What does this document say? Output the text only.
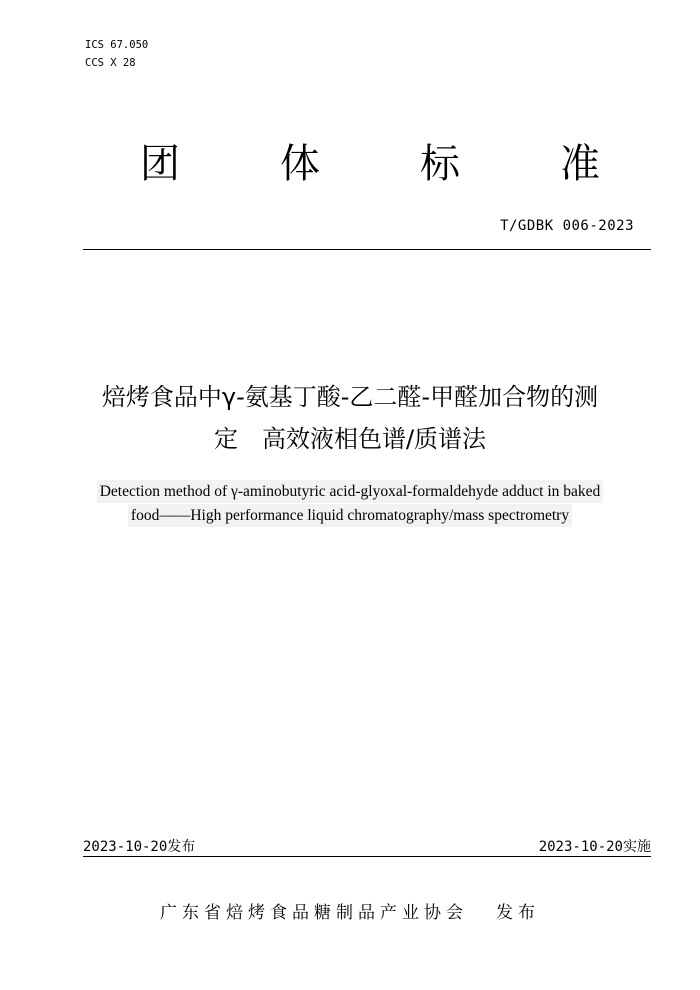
ICS 67.050
CCS X 28
团	体	标	准
T/GDBK 006-2023
焙烤食品中γ-氨基丁酸-乙二醛-甲醛加合物的测
定　高效液相色谱/质谱法
Detection method of γ-aminobutyric acid-glyoxal-formaldehyde adduct in baked
food——High performance liquid chromatography/mass spectrometry
2023-10-20发布	2023-10-20实施
广东省焙烤食品糖制品产业协会 发布
